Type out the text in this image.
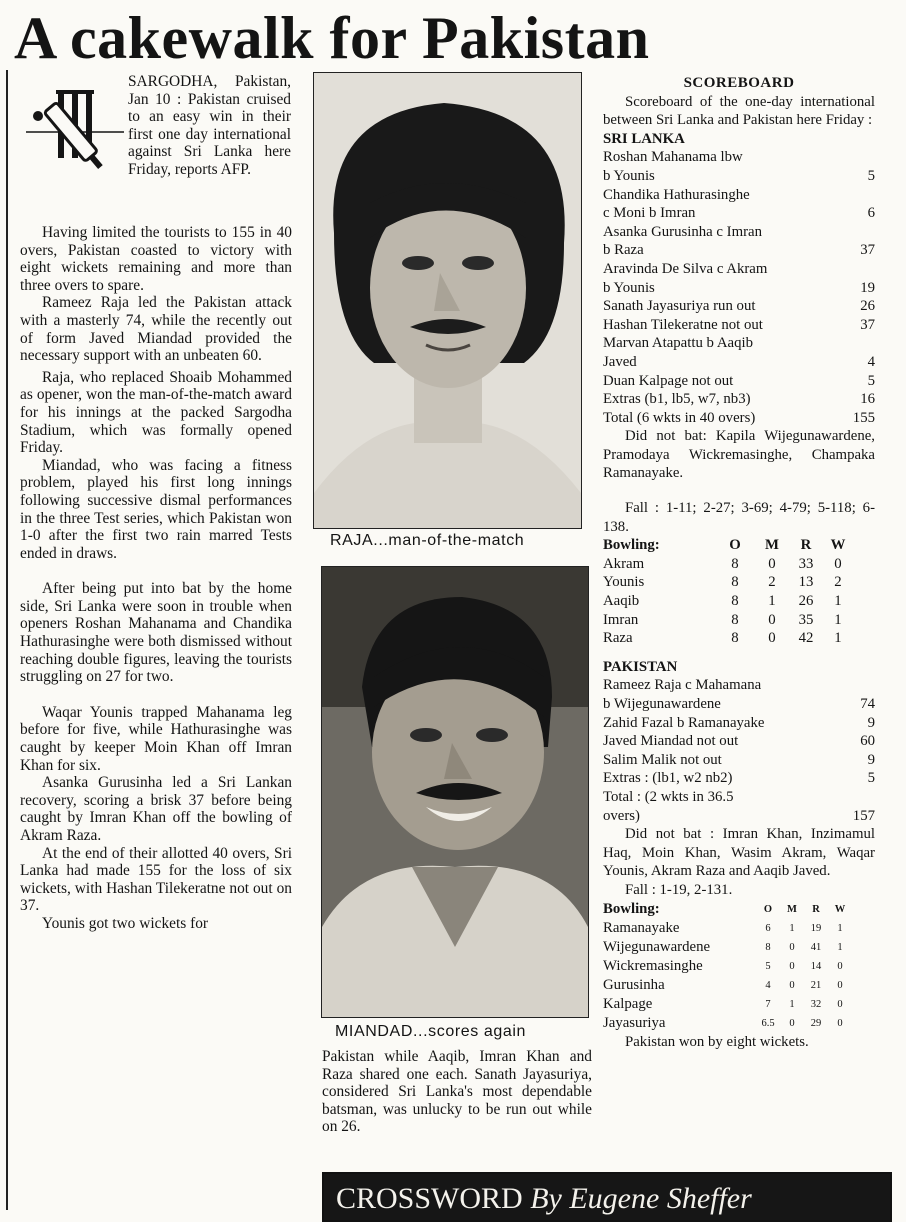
A cakewalk for Pakistan

SARGODHA, Pakistan, Jan 10 : Pakistan cruised to an easy win in their first one day international against Sri Lanka here Friday, reports AFP.

Having limited the tourists to 155 in 40 overs, Pakistan coasted to victory with eight wickets remaining and more than three overs to spare.

Rameez Raja led the Pakistan attack with a masterly 74, while the recently out of form Javed Miandad provided the necessary support with an unbeaten 60.

Raja, who replaced Shoaib Mohammed as opener, won the man-of-the-match award for his innings at the packed Sargodha Stadium, which was formally opened Friday.

Miandad, who was facing a fitness problem, played his first long innings following successive dismal performances in the three Test series, which Pakistan won 1-0 after the first two rain marred Tests ended in draws.

After being put into bat by the home side, Sri Lanka were soon in trouble when openers Roshan Mahanama and Chandika Hathurasinghe were both dismissed without reaching double figures, leaving the tourists struggling on 27 for two.

Waqar Younis trapped Mahanama leg before for five, while Hathurasinghe was caught by keeper Moin Khan off Imran Khan for six.

Asanka Gurusinha led a Sri Lankan recovery, scoring a brisk 37 before being caught by Imran Khan off the bowling of Akram Raza.

At the end of their allotted 40 overs, Sri Lanka had made 155 for the loss of six wickets, with Hashan Tilekeratne not out on 37.

Younis got two wickets for

RAJA...man-of-the-match
MIANDAD...scores again

Pakistan while Aaqib, Imran Khan and Raza shared one each. Sanath Jayasuriya, considered Sri Lanka's most dependable batsman, was unlucky to be run out while on 26.

SCOREBOARD

Scoreboard of the one-day international between Sri Lanka and Pakistan here Friday :

SRI LANKA
Roshan Mahanama lbw
b Younis	5
Chandika Hathurasinghe
c Moni b Imran	6
Asanka Gurusinha c Imran
b Raza	37
Aravinda De Silva c Akram
b Younis	19
Sanath Jayasuriya run out	26
Hashan Tilekeratne not out	37
Marvan Atapattu b Aaqib
Javed	4
Duan Kalpage not out	5
Extras (b1, lb5, w7, nb3)	16
Total (6 wkts in 40 overs)	155

Did not bat: Kapila Wijegunawardene, Pramodaya Wickremasinghe, Champaka Ramanayake.

Fall : 1-11; 2-27; 3-69; 4-79; 5-118; 6-138.

Bowling:	O	M	R	W
Akram	8	0	33	0
Younis	8	2	13	2
Aaqib	8	1	26	1
Imran	8	0	35	1
Raza	8	0	42	1
PAKISTAN
Rameez Raja c Mahamana
b Wijegunawardene	74
Zahid Fazal b Ramanayake	9
Javed Miandad not out	60
Salim Malik not out	9
Extras : (lb1, w2 nb2)	5
Total : (2 wkts in 36.5
overs)	157

Did not bat : Imran Khan, Inzimamul Haq, Moin Khan, Wasim Akram, Waqar Younis, Akram Raza and Aaqib Javed.

Fall : 1-19, 2-131.

Bowling:	O	M	R	W
Ramanayake	6	1	19	1
Wijegunawardene	8	0	41	1
Wickremasinghe	5	0	14	0
Gurusinha	4	0	21	0
Kalpage	7	1	32	0
Jayasuriya	6.5	0	29	0

Pakistan won by eight wickets.

CROSSWORD By Eugene Sheffer
